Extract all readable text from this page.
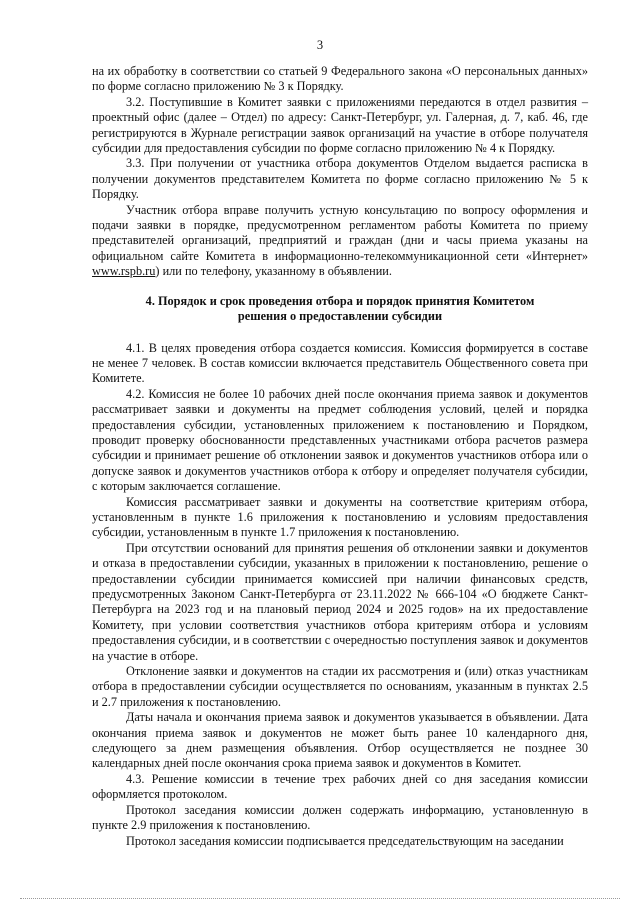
3

на их обработку в соответствии со статьей 9 Федерального закона «О персональных данных» по форме согласно приложению № 3 к Порядку.

3.2. Поступившие в Комитет заявки с приложениями передаются в отдел развития – проектный офис (далее – Отдел) по адресу: Санкт-Петербург, ул. Галерная, д. 7, каб. 46, где регистрируются в Журнале регистрации заявок организаций на участие в отборе получателя субсидии для предоставления субсидии по форме согласно приложению № 4 к Порядку.

3.3. При получении от участника отбора документов Отделом выдается расписка в получении документов представителем Комитета по форме согласно приложению № 5 к Порядку.

Участник отбора вправе получить устную консультацию по вопросу оформления и подачи заявки в порядке, предусмотренном регламентом работы Комитета по приему представителей организаций, предприятий и граждан (дни и часы приема указаны на официальном сайте Комитета в информационно-телекоммуникационной сети «Интернет» www.rspb.ru) или по телефону, указанному в объявлении.

4. Порядок и срок проведения отбора и порядок принятия Комитетом
решения о предоставлении субсидии

4.1. В целях проведения отбора создается комиссия. Комиссия формируется в составе не менее 7 человек. В состав комиссии включается представитель Общественного совета при Комитете.

4.2. Комиссия не более 10 рабочих дней после окончания приема заявок и документов рассматривает заявки и документы на предмет соблюдения условий, целей и порядка предоставления субсидии, установленных приложением к постановлению и Порядком, проводит проверку обоснованности представленных участниками отбора расчетов размера субсидии и принимает решение об отклонении заявок и документов участников отбора или о допуске заявок и документов участников отбора к отбору и определяет получателя субсидии, с которым заключается соглашение.

Комиссия рассматривает заявки и документы на соответствие критериям отбора, установленным в пункте 1.6 приложения к постановлению и условиям предоставления субсидии, установленным в пункте 1.7 приложения к постановлению.

При отсутствии оснований для принятия решения об отклонении заявки и документов и отказа в предоставлении субсидии, указанных в приложении к постановлению, решение о предоставлении субсидии принимается комиссией при наличии финансовых средств, предусмотренных Законом Санкт-Петербурга от 23.11.2022 № 666-104 «О бюджете Санкт-Петербурга на 2023 год и на плановый период 2024 и 2025 годов» на их предоставление Комитету, при условии соответствия участников отбора критериям отбора и условиям предоставления субсидии, и в соответствии с очередностью поступления заявок и документов на участие в отборе.

Отклонение заявки и документов на стадии их рассмотрения и (или) отказ участникам отбора в предоставлении субсидии осуществляется по основаниям, указанным в пунктах 2.5 и 2.7 приложения к постановлению.

Даты начала и окончания приема заявок и документов указывается в объявлении. Дата окончания приема заявок и документов не может быть ранее 10 календарного дня, следующего за днем размещения объявления. Отбор осуществляется не позднее 30 календарных дней после окончания срока приема заявок и документов в Комитет.

4.3. Решение комиссии в течение трех рабочих дней со дня заседания комиссии оформляется протоколом.

Протокол заседания комиссии должен содержать информацию, установленную в пункте 2.9 приложения к постановлению.

Протокол заседания комиссии подписывается председательствующим на заседании
